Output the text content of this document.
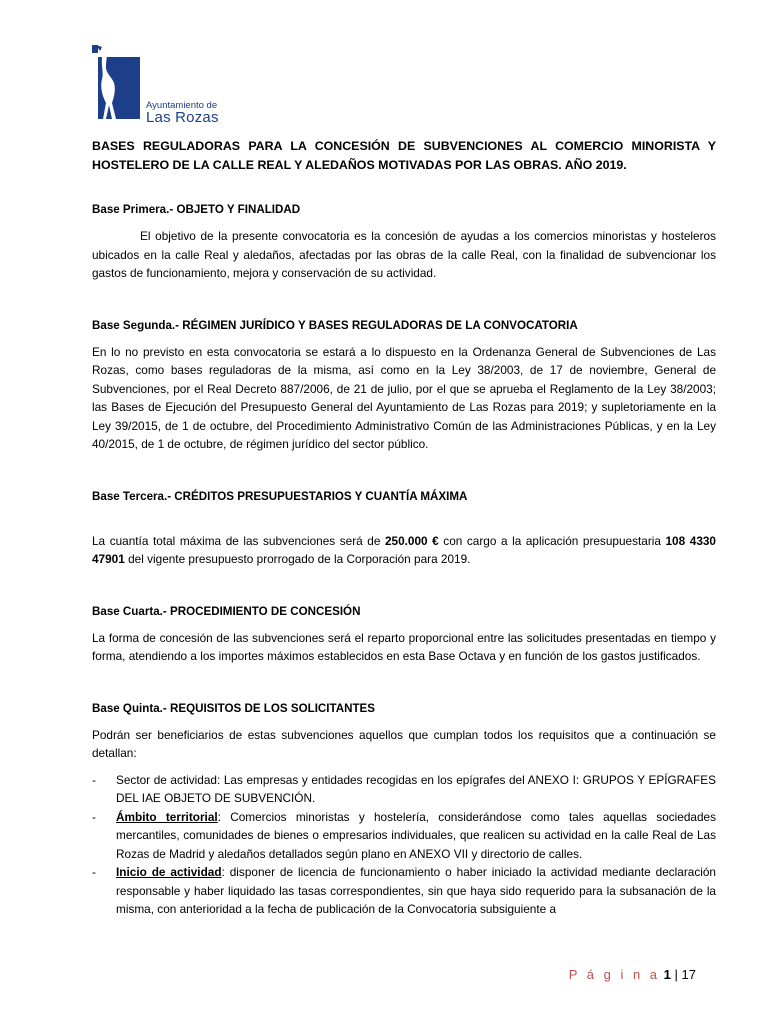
Ayuntamiento de
Las Rozas
BASES REGULADORAS PARA LA CONCESIÓN DE SUBVENCIONES AL COMERCIO MINORISTA Y HOSTELERO DE LA CALLE REAL Y ALEDAÑOS MOTIVADAS POR LAS OBRAS. AÑO 2019.
Base Primera.- OBJETO Y FINALIDAD

El objetivo de la presente convocatoria es la concesión de ayudas a los comercios minoristas y hosteleros ubicados en la calle Real y aledaños, afectadas por las obras de la calle Real, con la finalidad de subvencionar los gastos de funcionamiento, mejora y conservación de su actividad.

Base Segunda.- RÉGIMEN JURÍDICO Y BASES REGULADORAS DE LA CONVOCATORIA

En lo no previsto en esta convocatoria se estará a lo dispuesto en la Ordenanza General de Subvenciones de Las Rozas, como bases reguladoras de la misma, así como en la Ley 38/2003, de 17 de noviembre, General de Subvenciones, por el Real Decreto 887/2006, de 21 de julio, por el que se aprueba el Reglamento de la Ley 38/2003; las Bases de Ejecución del Presupuesto General del Ayuntamiento de Las Rozas para 2019; y supletoriamente en la Ley 39/2015, de 1 de octubre, del Procedimiento Administrativo Común de las Administraciones Públicas, y en la Ley 40/2015, de 1 de octubre, de régimen jurídico del sector público.

Base Tercera.- CRÉDITOS PRESUPUESTARIOS Y CUANTÍA MÁXIMA

La cuantía total máxima de las subvenciones será de 250.000 € con cargo a la aplicación presupuestaria 108 4330 47901 del vigente presupuesto prorrogado de la Corporación para 2019.

Base Cuarta.- PROCEDIMIENTO DE CONCESIÓN

La forma de concesión de las subvenciones será el reparto proporcional entre las solicitudes presentadas en tiempo y forma, atendiendo a los importes máximos establecidos en esta Base Octava y en función de los gastos justificados.

Base Quinta.- REQUISITOS DE LOS SOLICITANTES

Podrán ser beneficiarios de estas subvenciones aquellos que cumplan todos los requisitos que a continuación se detallan:

- Sector de actividad: Las empresas y entidades recogidas en los epígrafes del ANEXO I: GRUPOS Y EPÍGRAFES DEL IAE OBJETO DE SUBVENCIÓN.
- Ámbito territorial: Comercios minoristas y hostelería, considerándose como tales aquellas sociedades mercantiles, comunidades de bienes o empresarios individuales, que realicen su actividad en la calle Real de Las Rozas de Madrid y aledaños detallados según plano en ANEXO VII y directorio de calles.
- Inicio de actividad: disponer de licencia de funcionamiento o haber iniciado la actividad mediante declaración responsable y haber liquidado las tasas correspondientes, sin que haya sido requerido para la subsanación de la misma, con anterioridad a la fecha de publicación de la Convocatoria subsiguiente a
P á g i n a 1 | 17
